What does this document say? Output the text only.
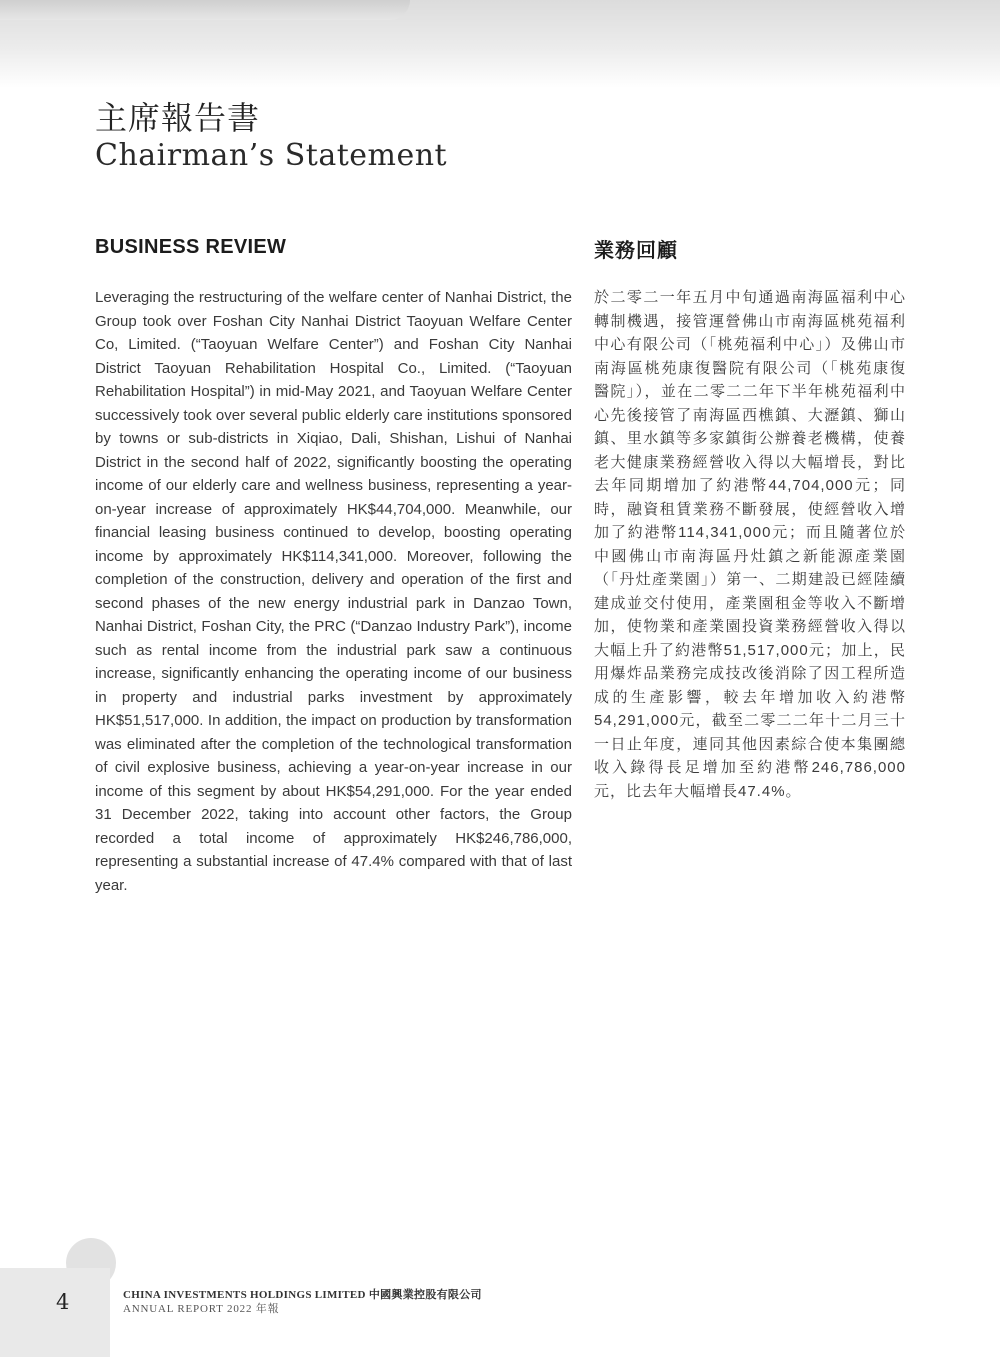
主席報告書
Chairman’s Statement
BUSINESS REVIEW	業務回顧
Leveraging the restructuring of the welfare center of Nanhai District, the Group took over Foshan City Nanhai District Taoyuan Welfare Center Co, Limited. (“Taoyuan Welfare Center”) and Foshan City Nanhai District Taoyuan Rehabilitation Hospital Co., Limited. (“Taoyuan Rehabilitation Hospital”) in mid-May 2021, and Taoyuan Welfare Center successively took over several public elderly care institutions sponsored by towns or sub-districts in Xiqiao, Dali, Shishan, Lishui of Nanhai District in the second half of 2022, significantly boosting the operating income of our elderly care and wellness business, representing a year-on-year increase of approximately HK$44,704,000. Meanwhile, our financial leasing business continued to develop, boosting operating income by approximately HK$114,341,000. Moreover, following the completion of the construction, delivery and operation of the first and second phases of the new energy industrial park in Danzao Town, Nanhai District, Foshan City, the PRC (“Danzao Industry Park”), income such as rental income from the industrial park saw a continuous increase, significantly enhancing the operating income of our business in property and industrial parks investment by approximately HK$51,517,000. In addition, the impact on production by transformation was eliminated after the completion of the technological transformation of civil explosive business, achieving a year-on-year increase in our income of this segment by about HK$54,291,000. For the year ended 31 December 2022, taking into account other factors, the Group recorded a total income of approximately HK$246,786,000, representing a substantial increase of 47.4% compared with that of last year.
於二零二一年五月中旬通過南海區福利中心轉制機遇，接管運營佛山市南海區桃苑福利中心有限公司（「桃苑福利中心」）及佛山市南海區桃苑康復醫院有限公司（「桃苑康復醫院」），並在二零二二年下半年桃苑福利中心先後接管了南海區西樵鎮、大瀝鎮、獅山鎮、里水鎮等多家鎮街公辦養老機構，使養老大健康業務經營收入得以大幅增長，對比去年同期增加了約港幣44,704,000元；同時，融資租賃業務不斷發展，使經營收入增加了約港幣114,341,000元；而且隨著位於中國佛山市南海區丹灶鎮之新能源產業園（「丹灶產業園」）第一、二期建設已經陸續建成並交付使用，產業園租金等收入不斷增加，使物業和產業園投資業務經營收入得以大幅上升了約港幣51,517,000元；加上，民用爆炸品業務完成技改後消除了因工程所造成的生產影響，較去年增加收入約港幣54,291,000元，截至二零二二年十二月三十一日止年度，連同其他因素綜合使本集團總收入錄得長足增加至約港幣246,786,000元，比去年大幅增長47.4%。
4	CHINA INVESTMENTS HOLDINGS LIMITED 中國興業控股有限公司
ANNUAL REPORT 2022 年報
